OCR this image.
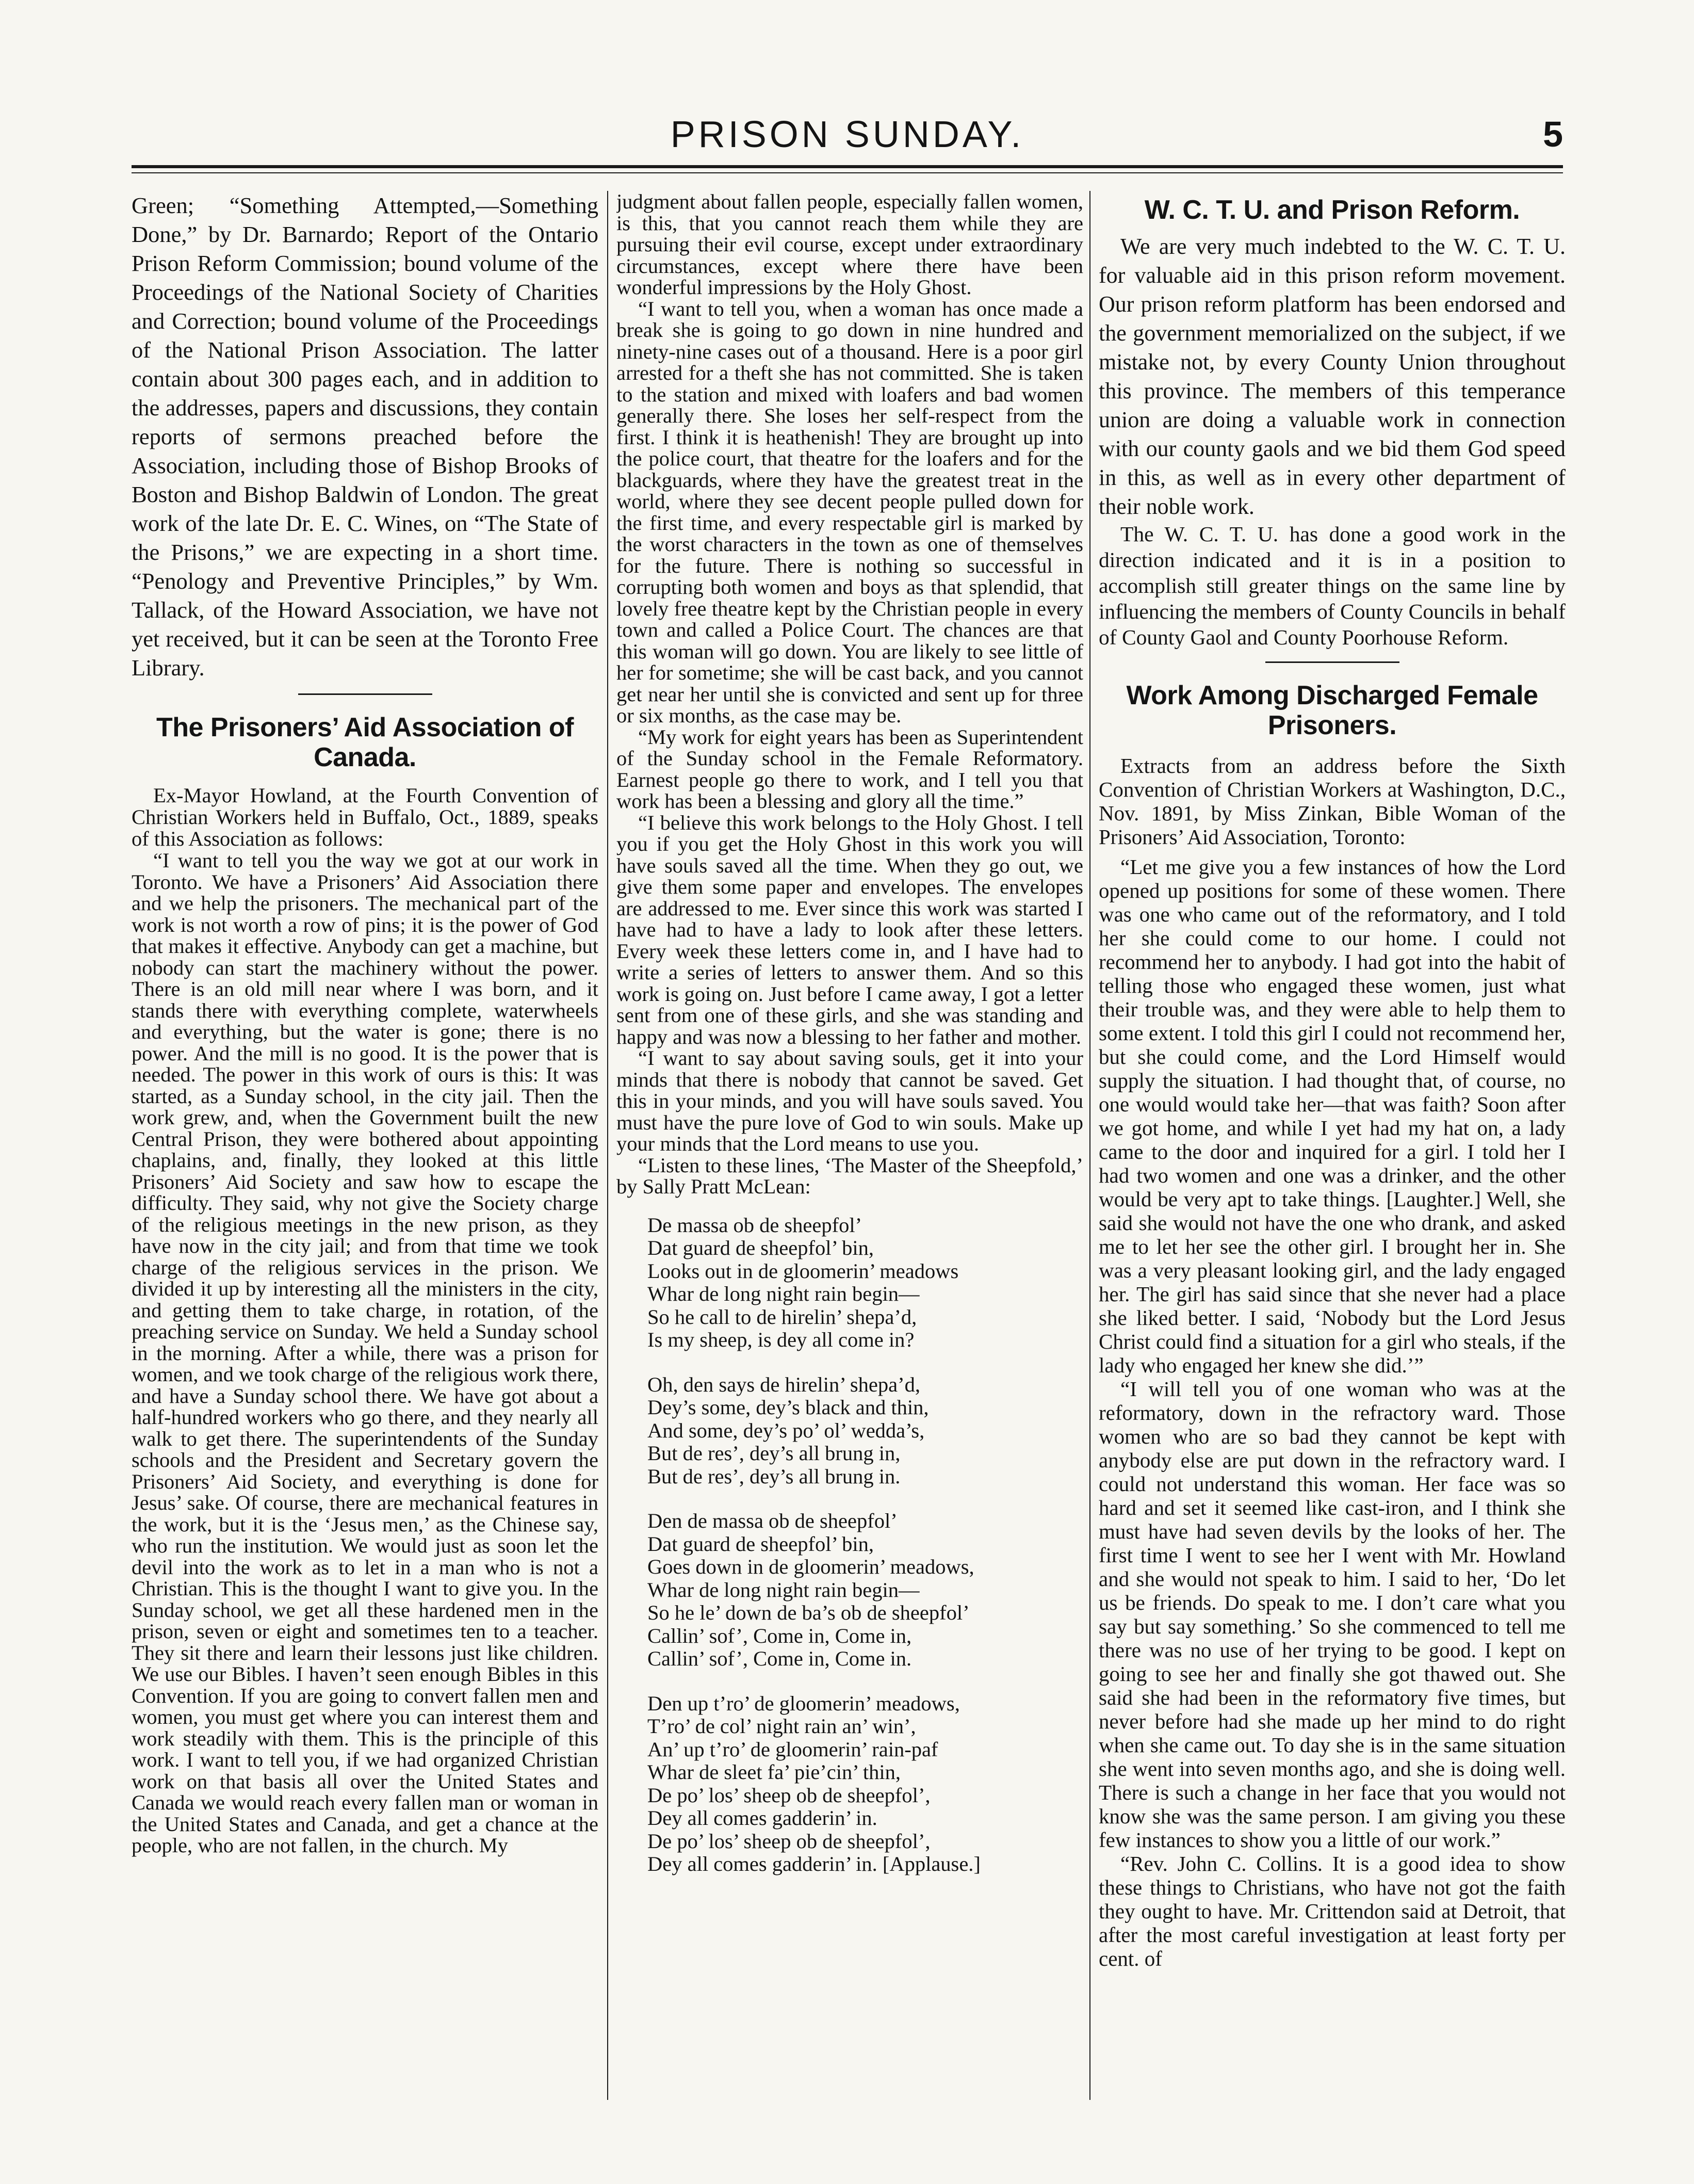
PRISON SUNDAY.	5

Green; “Something Attempted,—Something Done,” by Dr. Barnardo; Report of the Ontario Prison Reform Commission; bound volume of the Proceedings of the National Society of Charities and Correction; bound volume of the Proceedings of the National Prison Association. The latter contain about 300 pages each, and in addition to the addresses, papers and discussions, they contain reports of sermons preached before the Association, including those of Bishop Brooks of Boston and Bishop Baldwin of London. The great work of the late Dr. E. C. Wines, on “The State of the Prisons,” we are expecting in a short time. “Penology and Preventive Principles,” by Wm. Tallack, of the Howard Association, we have not yet received, but it can be seen at the Toronto Free Library.

The Prisoners’ Aid Association of Canada.

Ex-Mayor Howland, at the Fourth Convention of Christian Workers held in Buffalo, Oct., 1889, speaks of this Association as follows:

“I want to tell you the way we got at our work in Toronto. We have a Prisoners’ Aid Association there and we help the prisoners. The mechanical part of the work is not worth a row of pins; it is the power of God that makes it effective. Anybody can get a machine, but nobody can start the machinery without the power. There is an old mill near where I was born, and it stands there with everything complete, waterwheels and everything, but the water is gone; there is no power. And the mill is no good. It is the power that is needed. The power in this work of ours is this: It was started, as a Sunday school, in the city jail. Then the work grew, and, when the Government built the new Central Prison, they were bothered about appointing chaplains, and, finally, they looked at this little Prisoners’ Aid Society and saw how to escape the difficulty. They said, why not give the Society charge of the religious meetings in the new prison, as they have now in the city jail; and from that time we took charge of the religious services in the prison. We divided it up by interesting all the ministers in the city, and getting them to take charge, in rotation, of the preaching service on Sunday. We held a Sunday school in the morning. After a while, there was a prison for women, and we took charge of the religious work there, and have a Sunday school there. We have got about a half-hundred workers who go there, and they nearly all walk to get there. The superintendents of the Sunday schools and the President and Secretary govern the Prisoners’ Aid Society, and everything is done for Jesus’ sake. Of course, there are mechanical features in the work, but it is the ‘Jesus men,’ as the Chinese say, who run the institution. We would just as soon let the devil into the work as to let in a man who is not a Christian. This is the thought I want to give you. In the Sunday school, we get all these hardened men in the prison, seven or eight and sometimes ten to a teacher. They sit there and learn their lessons just like children. We use our Bibles. I haven’t seen enough Bibles in this Convention. If you are going to convert fallen men and women, you must get where you can interest them and work steadily with them. This is the principle of this work. I want to tell you, if we had organized Christian work on that basis all over the United States and Canada we would reach every fallen man or woman in the United States and Canada, and get a chance at the people, who are not fallen, in the church. My

judgment about fallen people, especially fallen women, is this, that you cannot reach them while they are pursuing their evil course, except under extraordinary circumstances, except where there have been wonderful impressions by the Holy Ghost.

“I want to tell you, when a woman has once made a break she is going to go down in nine hundred and ninety-nine cases out of a thousand. Here is a poor girl arrested for a theft she has not committed. She is taken to the station and mixed with loafers and bad women generally there. She loses her self-respect from the first. I think it is heathenish! They are brought up into the police court, that theatre for the loafers and for the blackguards, where they have the greatest treat in the world, where they see decent people pulled down for the first time, and every respectable girl is marked by the worst characters in the town as one of themselves for the future. There is nothing so successful in corrupting both women and boys as that splendid, that lovely free theatre kept by the Christian people in every town and called a Police Court. The chances are that this woman will go down. You are likely to see little of her for sometime; she will be cast back, and you cannot get near her until she is convicted and sent up for three or six months, as the case may be.

“My work for eight years has been as Superintendent of the Sunday school in the Female Reformatory. Earnest people go there to work, and I tell you that work has been a blessing and glory all the time.”

“I believe this work belongs to the Holy Ghost. I tell you if you get the Holy Ghost in this work you will have souls saved all the time. When they go out, we give them some paper and envelopes. The envelopes are addressed to me. Ever since this work was started I have had to have a lady to look after these letters. Every week these letters come in, and I have had to write a series of letters to answer them. And so this work is going on. Just before I came away, I got a letter sent from one of these girls, and she was standing and happy and was now a blessing to her father and mother.

“I want to say about saving souls, get it into your minds that there is nobody that cannot be saved. Get this in your minds, and you will have souls saved. You must have the pure love of God to win souls. Make up your minds that the Lord means to use you.

“Listen to these lines, ‘The Master of the Sheepfold,’ by Sally Pratt McLean:

De massa ob de sheepfol’
Dat guard de sheepfol’ bin,
Looks out in de gloomerin’ meadows
Whar de long night rain begin—
So he call to de hirelin’ shepa’d,
Is my sheep, is dey all come in?
Oh, den says de hirelin’ shepa’d,
Dey’s some, dey’s black and thin,
And some, dey’s po’ ol’ wedda’s,
But de res’, dey’s all brung in,
But de res’, dey’s all brung in.
Den de massa ob de sheepfol’
Dat guard de sheepfol’ bin,
Goes down in de gloomerin’ meadows,
Whar de long night rain begin—
So he le’ down de ba’s ob de sheepfol’
Callin’ sof’, Come in, Come in,
Callin’ sof’, Come in, Come in.
Den up t’ro’ de gloomerin’ meadows,
T’ro’ de col’ night rain an’ win’,
An’ up t’ro’ de gloomerin’ rain-paf
Whar de sleet fa’ pie’cin’ thin,
De po’ los’ sheep ob de sheepfol’,
Dey all comes gadderin’ in.
De po’ los’ sheep ob de sheepfol’,
Dey all comes gadderin’ in. [Applause.]
W. C. T. U. and Prison Reform.

We are very much indebted to the W. C. T. U. for valuable aid in this prison reform movement. Our prison reform platform has been endorsed and the government memorialized on the subject, if we mistake not, by every County Union throughout this province. The members of this temperance union are doing a valuable work in connection with our county gaols and we bid them God speed in this, as well as in every other department of their noble work.

The W. C. T. U. has done a good work in the direction indicated and it is in a position to accomplish still greater things on the same line by influencing the members of County Councils in behalf of County Gaol and County Poorhouse Reform.

Work Among Discharged Female Prisoners.

Extracts from an address before the Sixth Convention of Christian Workers at Washington, D.C., Nov. 1891, by Miss Zinkan, Bible Woman of the Prisoners’ Aid Association, Toronto:

“Let me give you a few instances of how the Lord opened up positions for some of these women. There was one who came out of the reformatory, and I told her she could come to our home. I could not recommend her to anybody. I had got into the habit of telling those who engaged these women, just what their trouble was, and they were able to help them to some extent. I told this girl I could not recommend her, but she could come, and the Lord Himself would supply the situation. I had thought that, of course, no one would would take her—that was faith? Soon after we got home, and while I yet had my hat on, a lady came to the door and inquired for a girl. I told her I had two women and one was a drinker, and the other would be very apt to take things. [Laughter.] Well, she said she would not have the one who drank, and asked me to let her see the other girl. I brought her in. She was a very pleasant looking girl, and the lady engaged her. The girl has said since that she never had a place she liked better. I said, ‘Nobody but the Lord Jesus Christ could find a situation for a girl who steals, if the lady who engaged her knew she did.’”

“I will tell you of one woman who was at the reformatory, down in the refractory ward. Those women who are so bad they cannot be kept with anybody else are put down in the refractory ward. I could not understand this woman. Her face was so hard and set it seemed like cast-iron, and I think she must have had seven devils by the looks of her. The first time I went to see her I went with Mr. Howland and she would not speak to him. I said to her, ‘Do let us be friends. Do speak to me. I don’t care what you say but say something.’ So she commenced to tell me there was no use of her trying to be good. I kept on going to see her and finally she got thawed out. She said she had been in the reformatory five times, but never before had she made up her mind to do right when she came out. To day she is in the same situation she went into seven months ago, and she is doing well. There is such a change in her face that you would not know she was the same person. I am giving you these few instances to show you a little of our work.”

“Rev. John C. Collins. It is a good idea to show these things to Christians, who have not got the faith they ought to have. Mr. Crittendon said at Detroit, that after the most careful investigation at least forty per cent. of
